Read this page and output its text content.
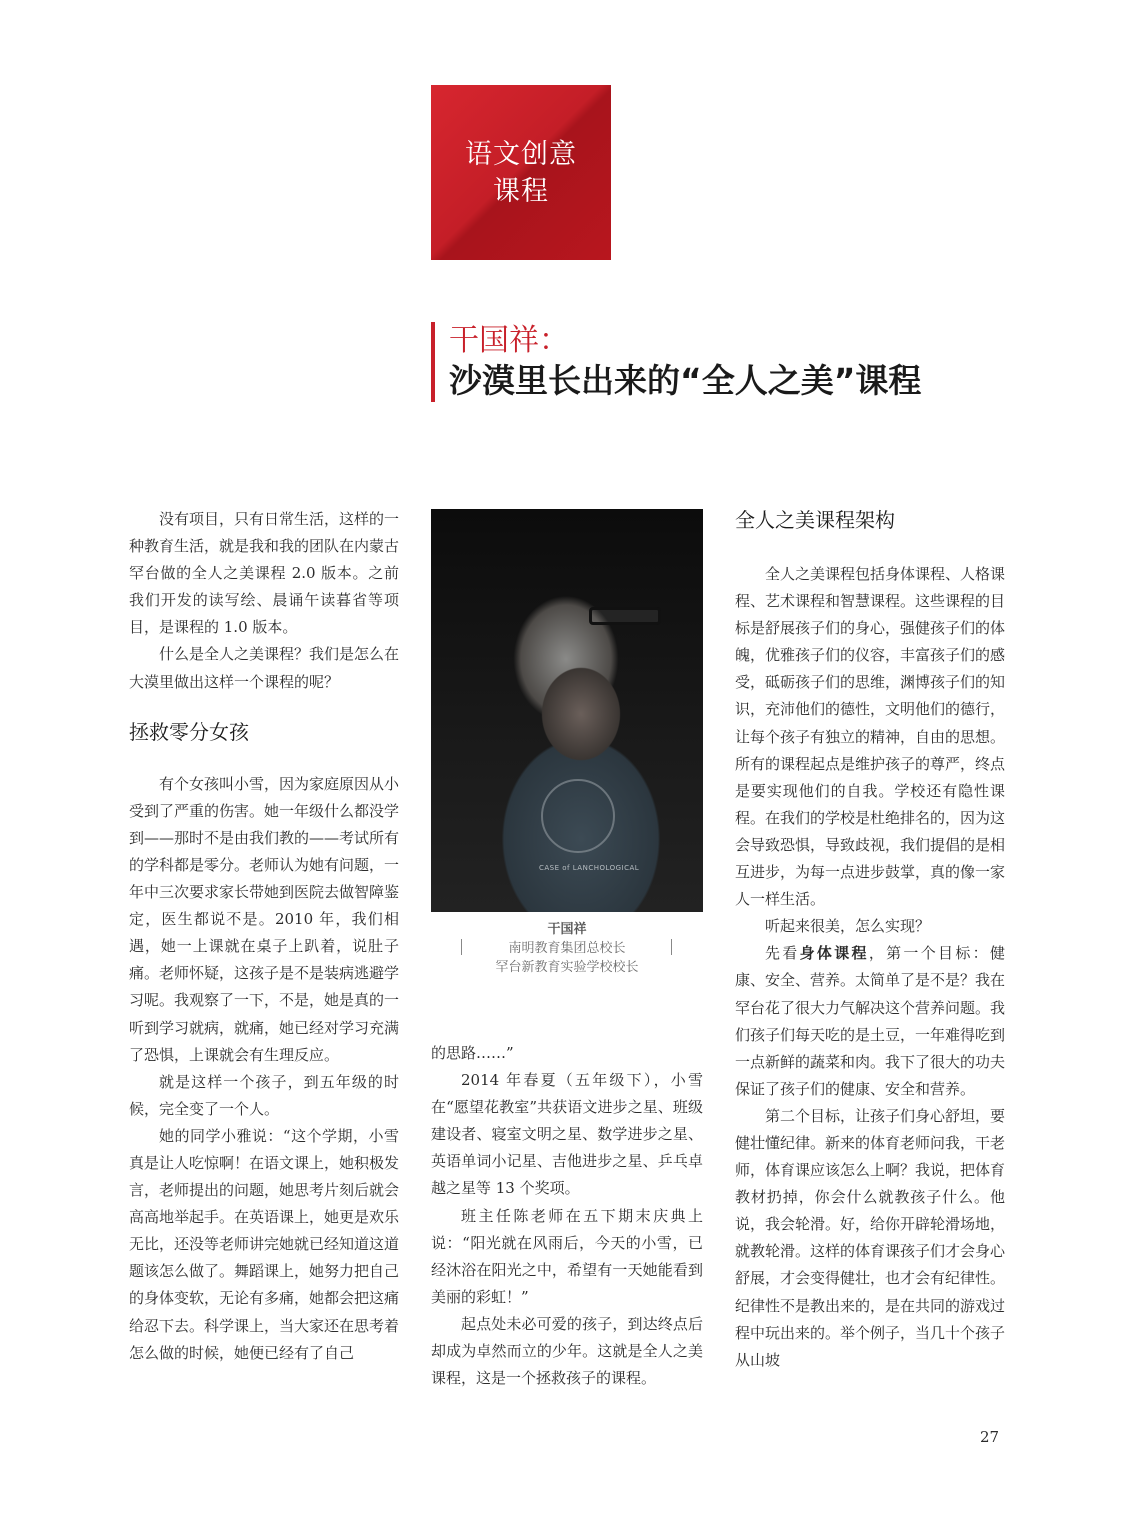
语文创意
课程

干国祥：

沙漠里长出来的“全人之美”课程

没有项目，只有日常生活，这样的一种教育生活，就是我和我的团队在内蒙古罕台做的全人之美课程 2.0 版本。之前我们开发的读写绘、晨诵午读暮省等项目，是课程的 1.0 版本。

什么是全人之美课程？我们是怎么在大漠里做出这样一个课程的呢？

拯救零分女孩

有个女孩叫小雪，因为家庭原因从小受到了严重的伤害。她一年级什么都没学到——那时不是由我们教的——考试所有的学科都是零分。老师认为她有问题，一年中三次要求家长带她到医院去做智障鉴定，医生都说不是。2010 年，我们相遇，她一上课就在桌子上趴着，说肚子痛。老师怀疑，这孩子是不是装病逃避学习呢。我观察了一下，不是，她是真的一听到学习就病，就痛，她已经对学习充满了恐惧，上课就会有生理反应。

就是这样一个孩子，到五年级的时候，完全变了一个人。

她的同学小雅说：“这个学期，小雪真是让人吃惊啊！在语文课上，她积极发言，老师提出的问题，她思考片刻后就会高高地举起手。在英语课上，她更是欢乐无比，还没等老师讲完她就已经知道这道题该怎么做了。舞蹈课上，她努力把自己的身体变软，无论有多痛，她都会把这痛给忍下去。科学课上，当大家还在思考着怎么做的时候，她便已经有了自己

CASE of LANCHOLOGICAL
干国祥
南明教育集团总校长
罕台新教育实验学校校长

的思路……”

2014 年春夏（五年级下），小雪在“愿望花教室”共获语文进步之星、班级建设者、寝室文明之星、数学进步之星、英语单词小记星、吉他进步之星、乒乓卓越之星等 13 个奖项。

班主任陈老师在五下期末庆典上说：“阳光就在风雨后，今天的小雪，已经沐浴在阳光之中，希望有一天她能看到美丽的彩虹！”

起点处未必可爱的孩子，到达终点后却成为卓然而立的少年。这就是全人之美课程，这是一个拯救孩子的课程。

全人之美课程架构

全人之美课程包括身体课程、人格课程、艺术课程和智慧课程。这些课程的目标是舒展孩子们的身心，强健孩子们的体魄，优雅孩子们的仪容，丰富孩子们的感受，砥砺孩子们的思维，渊博孩子们的知识，充沛他们的德性，文明他们的德行，让每个孩子有独立的精神，自由的思想。所有的课程起点是维护孩子的尊严，终点是要实现他们的自我。学校还有隐性课程。在我们的学校是杜绝排名的，因为这会导致恐惧，导致歧视，我们提倡的是相互进步，为每一点进步鼓掌，真的像一家人一样生活。

听起来很美，怎么实现？

先看身体课程，第一个目标：健康、安全、营养。太简单了是不是？我在罕台花了很大力气解决这个营养问题。我们孩子们每天吃的是土豆，一年难得吃到一点新鲜的蔬菜和肉。我下了很大的功夫保证了孩子们的健康、安全和营养。

第二个目标，让孩子们身心舒坦，要健壮懂纪律。新来的体育老师问我，干老师，体育课应该怎么上啊？我说，把体育教材扔掉，你会什么就教孩子什么。他说，我会轮滑。好，给你开辟轮滑场地，就教轮滑。这样的体育课孩子们才会身心舒展，才会变得健壮，也才会有纪律性。纪律性不是教出来的，是在共同的游戏过程中玩出来的。举个例子，当几十个孩子从山坡

27
